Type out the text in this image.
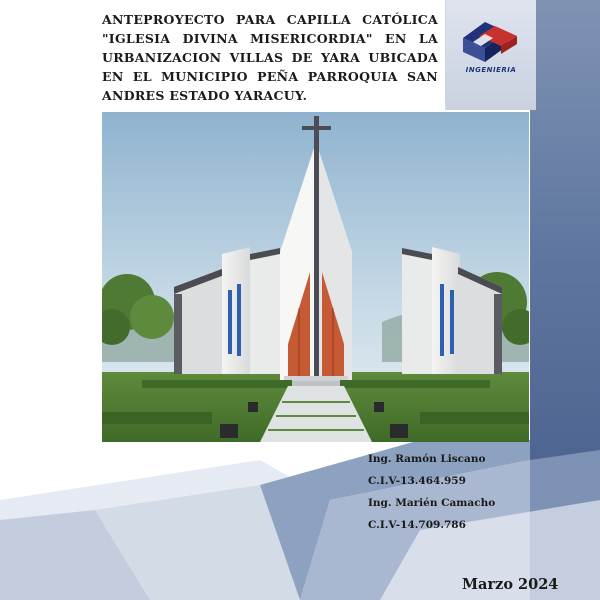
ANTEPROYECTO PARA CAPILLA CATÓLICA "IGLESIA DIVINA MISERICORDIA" EN LA URBANIZACION VILLAS DE YARA UBICADA EN EL MUNICIPIO PEÑA PARROQUIA SAN ANDRES ESTADO YARACUY.

INGENIERIA
Ing. Ramón Liscano
C.I.V-13.464.959
Ing. Marién Camacho
C.I.V-14.709.786
Marzo 2024
